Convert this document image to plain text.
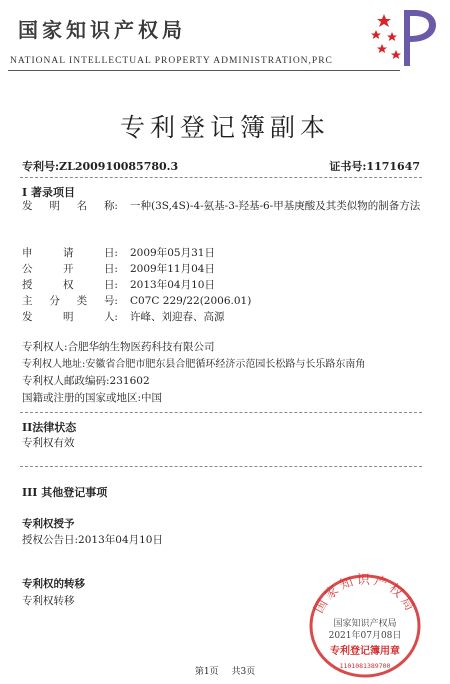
国家知识产权局
NATIONAL INTELLECTUAL PROPERTY ADMINISTRATION,PRC
专利登记簿副本
专利号:ZL200910085780.3	证书号:1171647
I 著录项目
发 明 名 称: 一种(3S,4S)-4-氨基-3-羟基-6-甲基庚酸及其类似物的制备方法
申	请	日: 2009年05月31日
公	开	日: 2009年11月04日
授	权	日: 2013年04月10日
主 分 类 号: C07C 229/22(2006.01)
发	明	人: 许峰、刘迎春、高源
专利权人:合肥华纳生物医药科技有限公司
专利权人地址:安徽省合肥市肥东县合肥循环经济示范园长松路与长乐路东南角
专利权人邮政编码:231602
国籍或注册的国家或地区:中国
II法律状态
专利权有效
III 其他登记事项
专利权授予
授权公告日:2013年04月10日
专利权的转移
专利权转移	国家知识产权局
国家知识产权局
2021年07月08日
专利登记簿用章
1101081389700
第1页 共3页
